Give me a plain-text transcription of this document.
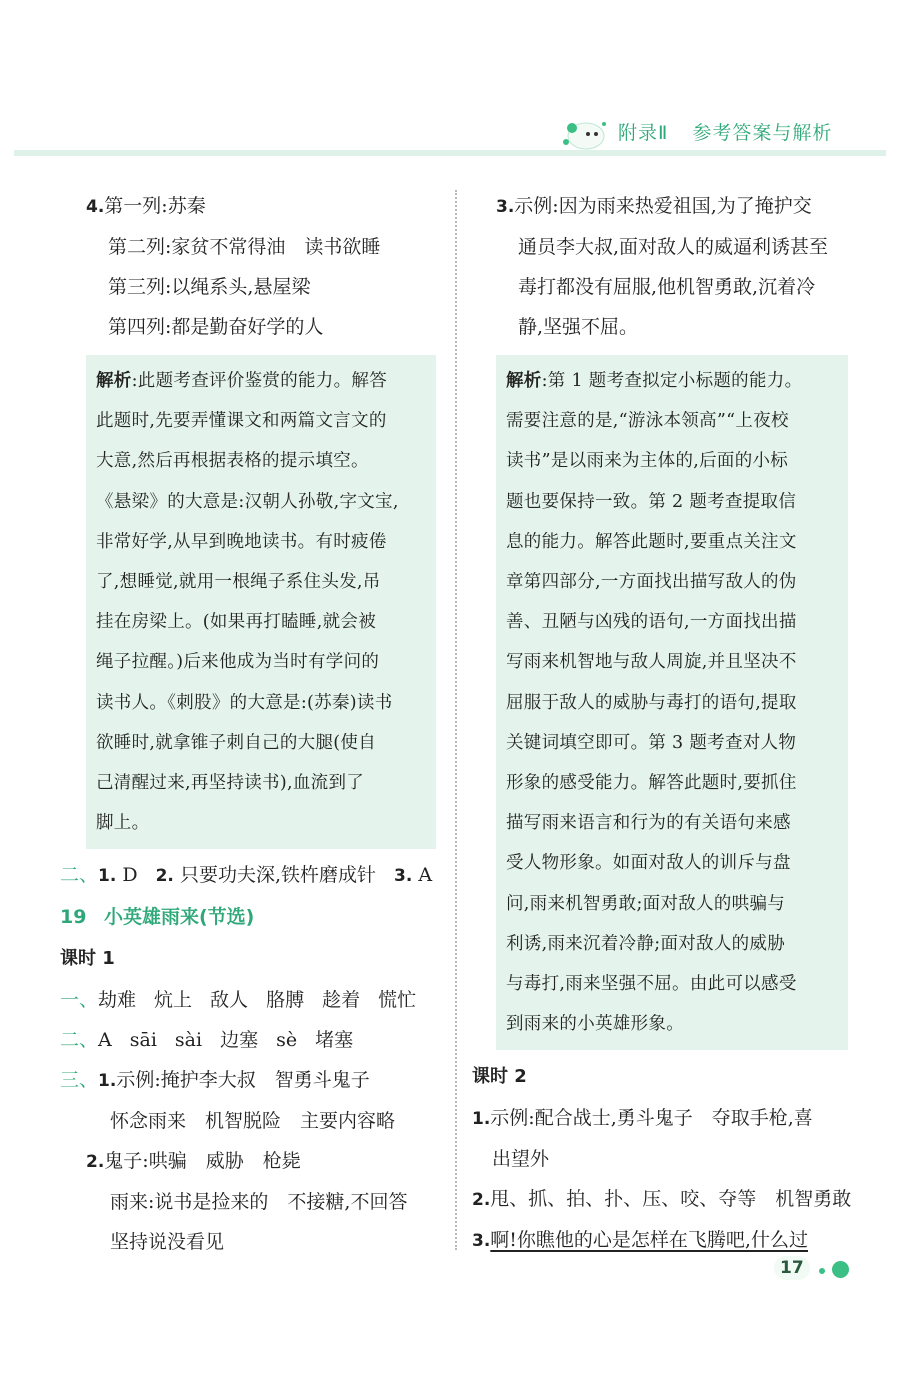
附录Ⅱ 参考答案与解析
4.第一列:苏秦
第二列:家贫不常得油　读书欲睡
第三列:以绳系头,悬屋梁
第四列:都是勤奋好学的人

解析:此题考查评价鉴赏的能力。解答

此题时,先要弄懂课文和两篇文言文的

大意,然后再根据表格的提示填空。

《悬梁》的大意是:汉朝人孙敬,字文宝,

非常好学,从早到晚地读书。有时疲倦

了,想睡觉,就用一根绳子系住头发,吊

挂在房梁上。(如果再打瞌睡,就会被

绳子拉醒。)后来他成为当时有学问的

读书人。《刺股》的大意是:(苏秦)读书

欲睡时,就拿锥子刺自己的大腿(使自

己清醒过来,再坚持读书),血流到了

脚上。

二、1. D 2. 只要功夫深,铁杵磨成针 3. A
19 小英雄雨来(节选)
课时 1
一、劫难 炕上 敌人 胳膊 趁着 慌忙
二、A sāi sài 边塞 sè 堵塞
三、1.示例:掩护李大叔　智勇斗鬼子
怀念雨来　机智脱险　主要内容略
2.鬼子:哄骗　威胁　枪毙
雨来:说书是捡来的　不接糖,不回答
坚持说没看见
3.示例:因为雨来热爱祖国,为了掩护交
通员李大叔,面对敌人的威逼利诱甚至
毒打都没有屈服,他机智勇敢,沉着冷
静,坚强不屈。

解析:第 1 题考查拟定小标题的能力。

需要注意的是,“游泳本领高”“上夜校

读书”是以雨来为主体的,后面的小标

题也要保持一致。第 2 题考查提取信

息的能力。解答此题时,要重点关注文

章第四部分,一方面找出描写敌人的伪

善、丑陋与凶残的语句,一方面找出描

写雨来机智地与敌人周旋,并且坚决不

屈服于敌人的威胁与毒打的语句,提取

关键词填空即可。第 3 题考查对人物

形象的感受能力。解答此题时,要抓住

描写雨来语言和行为的有关语句来感

受人物形象。如面对敌人的训斥与盘

问,雨来机智勇敢;面对敌人的哄骗与

利诱,雨来沉着冷静;面对敌人的威胁

与毒打,雨来坚强不屈。由此可以感受

到雨来的小英雄形象。

课时 2
1.示例:配合战士,勇斗鬼子　夺取手枪,喜
出望外
2.甩、抓、拍、扑、压、咬、夺等　机智勇敢
3.啊!你瞧他的心是怎样在飞腾吧,什么过
17
